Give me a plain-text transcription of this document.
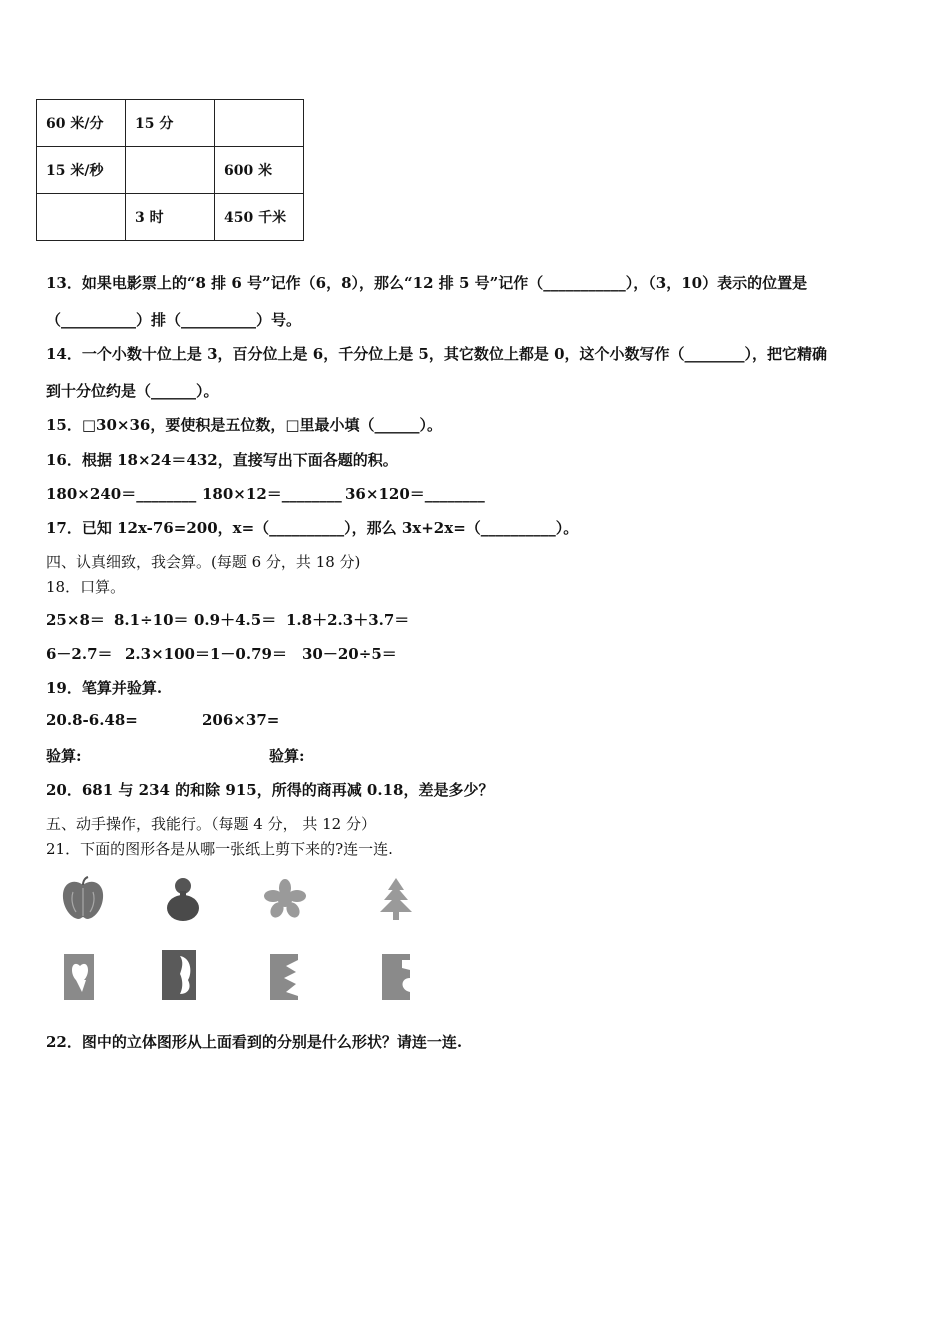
60 米/分	15 分	
15 米/秒		600 米
	3 时	450 千米
13．如果电影票上的“8 排 6 号”记作（6，8），那么“12 排 5 号”记作（___________），（3，10）表示的位置是
（__________）排（__________）号。
14．一个小数十位上是 3，百分位上是 6，千分位上是 5，其它数位上都是 0，这个小数写作（________），把它精确
到十分位约是（______）。
15．□30×36，要使积是五位数，□里最小填（______）。
16．根据 18×24＝432，直接写出下面各题的积。
180×240＝________ 180×12＝________ 36×120＝________
17．已知 12x-76=200，x=（__________），那么 3x+2x=（__________）。
四、认真细致，我会算。(每题 6 分，共 18 分)
18．口算。
25×8＝ 8.1÷10＝ 0.9＋4.5＝ 1.8＋2.3＋3.7＝
6－2.7＝ 2.3×100＝1－0.79＝ 30－20÷5＝
19．笔算并验算.
20.8-6.48=	206×37=
验算:	验算:
20．681 与 234 的和除 915，所得的商再减 0.18，差是多少？
五、动手操作，我能行。（每题 4 分， 共 12 分）
21．下面的图形各是从哪一张纸上剪下来的?连一连.
22．图中的立体图形从上面看到的分别是什么形状？请连一连.
